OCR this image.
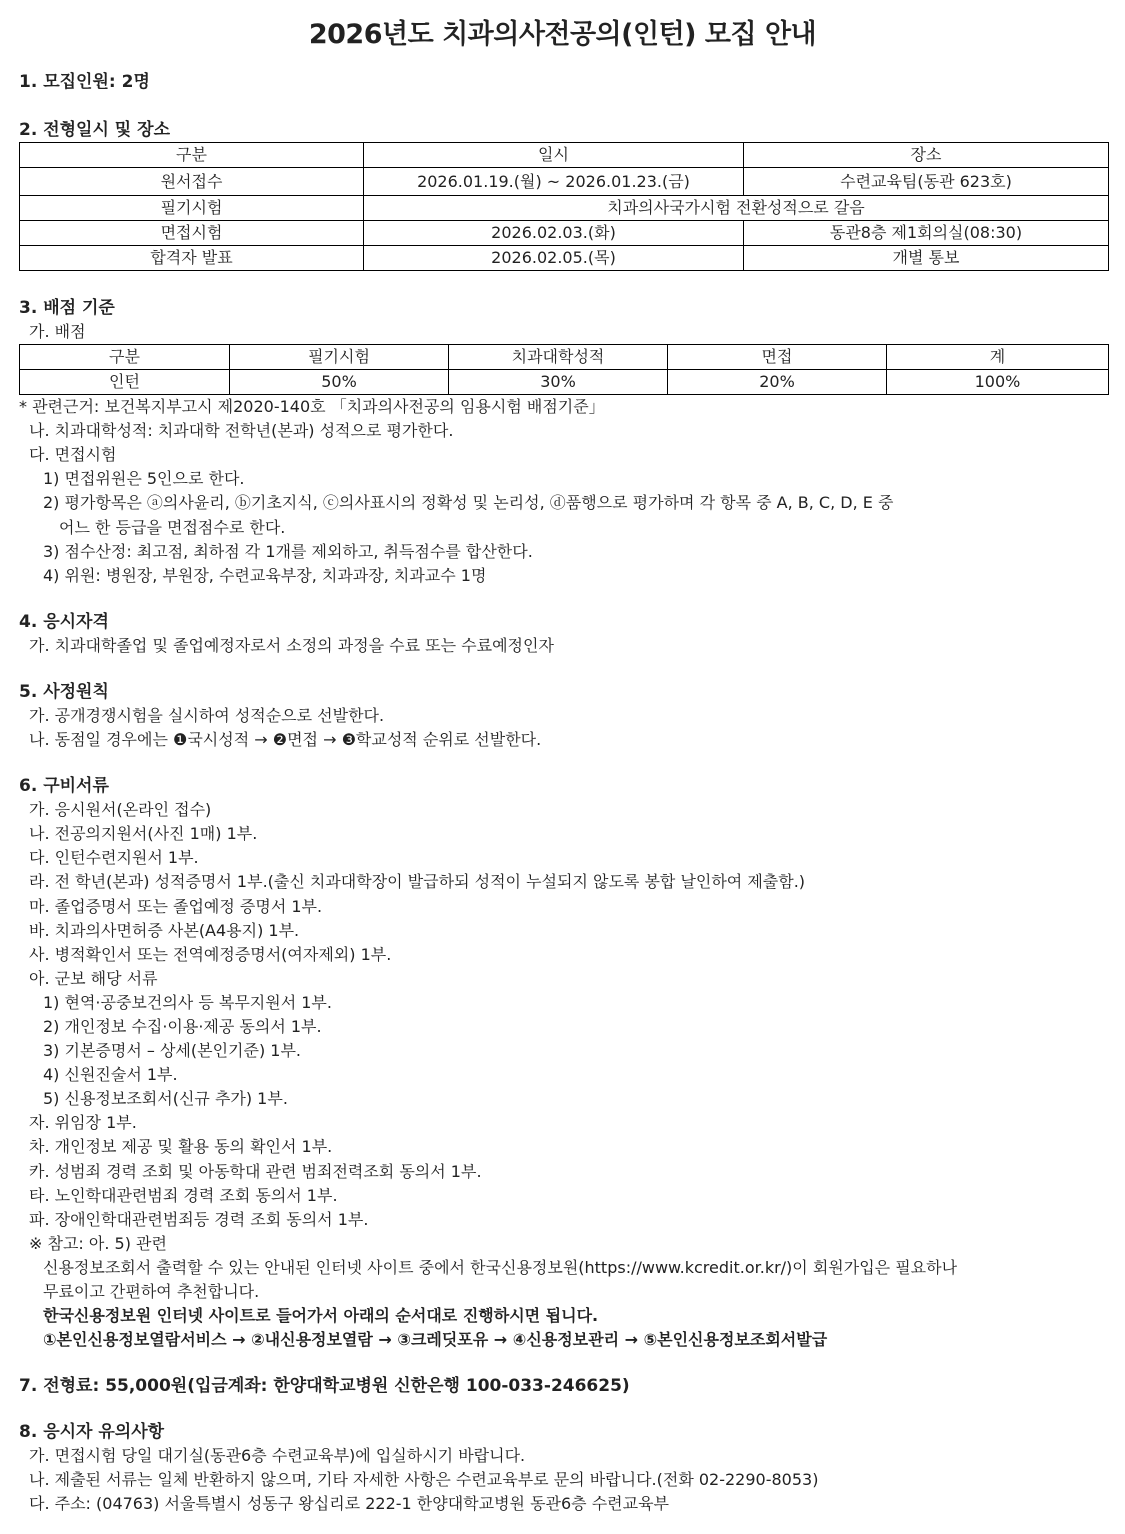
2026년도 치과의사전공의(인턴) 모집 안내

1. 모집인원: 2명

2. 전형일시 및 장소

구분	일시	장소
원서접수	2026.01.19.(월) ~ 2026.01.23.(금)	수련교육팀(동관 623호)
필기시험	치과의사국가시험 전환성적으로 갈음	
면접시험	2026.02.03.(화)	동관8층 제1회의실(08:30)
합격자 발표	2026.02.05.(목)	개별 통보

3. 배점 기준

가. 배점

구분	필기시험	치과대학성적	면접	계
인턴	50%	30%	20%	100%

* 관련근거: 보건복지부고시 제2020-140호 「치과의사전공의 임용시험 배점기준」

나. 치과대학성적: 치과대학 전학년(본과) 성적으로 평가한다.

다. 면접시험

1) 면접위원은 5인으로 한다.

2) 평가항목은 ⓐ의사윤리, ⓑ기초지식, ⓒ의사표시의 정확성 및 논리성, ⓓ품행으로 평가하며 각 항목 중 A, B, C, D, E 중

어느 한 등급을 면접점수로 한다.

3) 점수산정: 최고점, 최하점 각 1개를 제외하고, 취득점수를 합산한다.

4) 위원: 병원장, 부원장, 수련교육부장, 치과과장, 치과교수 1명

4. 응시자격

가. 치과대학졸업 및 졸업예정자로서 소정의 과정을 수료 또는 수료예정인자

5. 사정원칙

가. 공개경쟁시험을 실시하여 성적순으로 선발한다.

나. 동점일 경우에는 ❶국시성적 → ❷면접 → ❸학교성적 순위로 선발한다.

6. 구비서류

가. 응시원서(온라인 접수)

나. 전공의지원서(사진 1매) 1부.

다. 인턴수련지원서 1부.

라. 전 학년(본과) 성적증명서 1부.(출신 치과대학장이 발급하되 성적이 누설되지 않도록 봉합 날인하여 제출함.)

마. 졸업증명서 또는 졸업예정 증명서 1부.

바. 치과의사면허증 사본(A4용지) 1부.

사. 병적확인서 또는 전역예정증명서(여자제외) 1부.

아. 군보 해당 서류

1) 현역·공중보건의사 등 복무지원서 1부.

2) 개인정보 수집·이용·제공 동의서 1부.

3) 기본증명서 – 상세(본인기준) 1부.

4) 신원진술서 1부.

5) 신용정보조회서(신규 추가) 1부.

자. 위임장 1부.

차. 개인정보 제공 및 활용 동의 확인서 1부.

카. 성범죄 경력 조회 및 아동학대 관련 범죄전력조회 동의서 1부.

타. 노인학대관련범죄 경력 조회 동의서 1부.

파. 장애인학대관련범죄등 경력 조회 동의서 1부.

※ 참고: 아. 5) 관련

신용정보조회서 출력할 수 있는 안내된 인터넷 사이트 중에서 한국신용정보원(https://www.kcredit.or.kr/)이 회원가입은 필요하나

무료이고 간편하여 추천합니다.

한국신용정보원 인터넷 사이트로 들어가서 아래의 순서대로 진행하시면 됩니다.

①본인신용정보열람서비스 → ②내신용정보열람 → ③크레딧포유 → ④신용정보관리 → ⑤본인신용정보조회서발급

7. 전형료: 55,000원(입금계좌: 한양대학교병원 신한은행 100-033-246625)

8. 응시자 유의사항

가. 면접시험 당일 대기실(동관6층 수련교육부)에 입실하시기 바랍니다.

나. 제출된 서류는 일체 반환하지 않으며, 기타 자세한 사항은 수련교육부로 문의 바랍니다.(전화 02-2290-8053)

다. 주소: (04763) 서울특별시 성동구 왕십리로 222-1 한양대학교병원 동관6층 수련교육부
